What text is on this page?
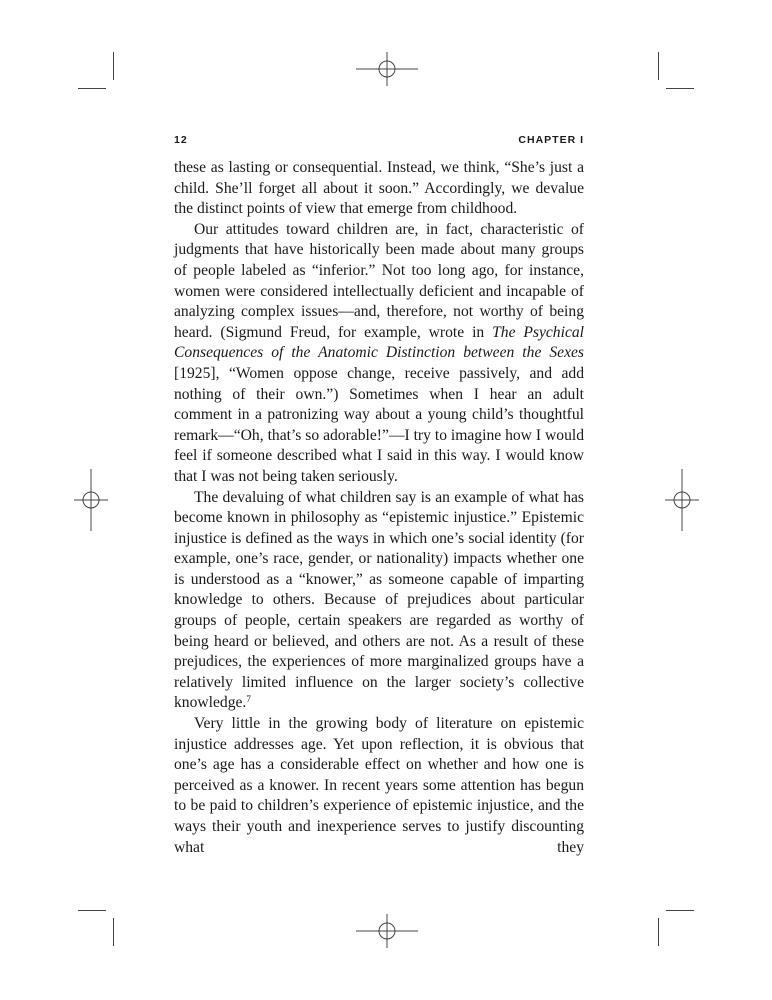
12	CHAPTER I

these as lasting or consequential. Instead, we think, “She’s just a child. She’ll forget all about it soon.” Accordingly, we devalue the distinct points of view that emerge from childhood.

Our attitudes toward children are, in fact, characteristic of judgments that have historically been made about many groups of people labeled as “inferior.” Not too long ago, for instance, women were considered intellectually deficient and incapable of analyzing complex issues—and, therefore, not worthy of being heard. (Sigmund Freud, for example, wrote in The Psychical Consequences of the Anatomic Distinction between the Sexes [1925], “Women oppose change, receive passively, and add nothing of their own.”) Sometimes when I hear an adult comment in a patronizing way about a young child’s thoughtful remark—“Oh, that’s so adorable!”—I try to imagine how I would feel if someone described what I said in this way. I would know that I was not being taken seriously.

The devaluing of what children say is an example of what has become known in philosophy as “epistemic injustice.” Epistemic injustice is defined as the ways in which one’s social identity (for example, one’s race, gender, or nationality) impacts whether one is understood as a “knower,” as someone capable of imparting knowledge to others. Because of prejudices about particular groups of people, certain speakers are regarded as worthy of being heard or believed, and others are not. As a result of these prejudices, the experiences of more marginalized groups have a relatively limited influence on the larger society’s collective knowledge.$^7$

Very little in the growing body of literature on epistemic injustice addresses age. Yet upon reflection, it is obvious that one’s age has a considerable effect on whether and how one is perceived as a knower. In recent years some attention has begun to be paid to children’s experience of epistemic injustice, and the ways their youth and inexperience serves to justify discounting what they
